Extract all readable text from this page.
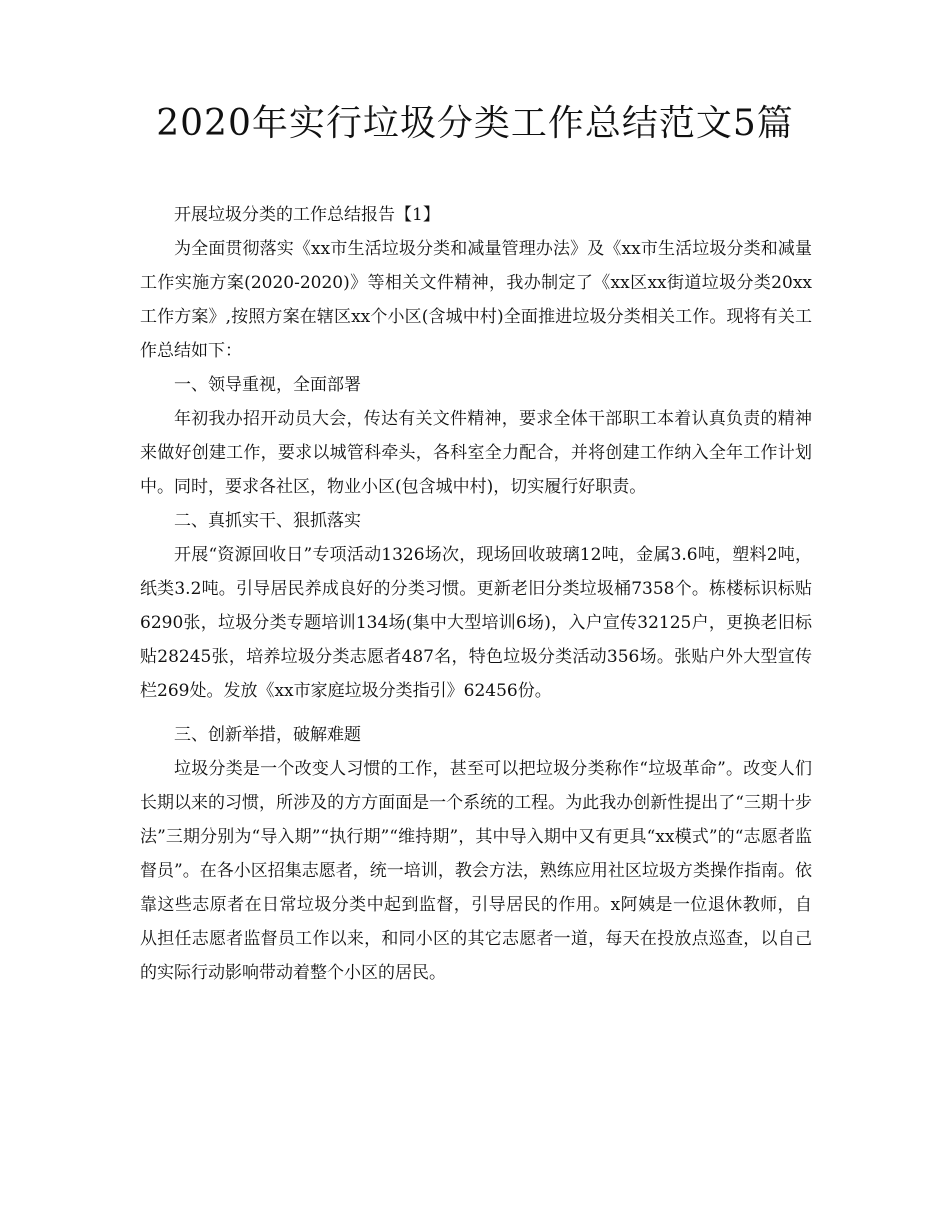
2020年实行垃圾分类工作总结范文5篇

开展垃圾分类的工作总结报告【1】

为全面贯彻落实《xx市生活垃圾分类和减量管理办法》及《xx市生活垃圾分类和减量工作实施方案(2020-2020)》等相关文件精神，我办制定了《xx区xx街道垃圾分类20xx工作方案》,按照方案在辖区xx个小区(含城中村)全面推进垃圾分类相关工作。现将有关工作总结如下：

一、领导重视，全面部署

年初我办招开动员大会，传达有关文件精神，要求全体干部职工本着认真负责的精神来做好创建工作，要求以城管科牵头，各科室全力配合，并将创建工作纳入全年工作计划中。同时，要求各社区，物业小区(包含城中村)，切实履行好职责。

二、真抓实干、狠抓落实

开展“资源回收日”专项活动1326场次，现场回收玻璃12吨，金属3.6吨，塑料2吨，纸类3.2吨。引导居民养成良好的分类习惯。更新老旧分类垃圾桶7358个。栋楼标识标贴6290张，垃圾分类专题培训134场(集中大型培训6场)，入户宣传32125户，更换老旧标贴28245张，培养垃圾分类志愿者487名，特色垃圾分类活动356场。张贴户外大型宣传栏269处。发放《xx市家庭垃圾分类指引》62456份。

三、创新举措，破解难题

垃圾分类是一个改变人习惯的工作，甚至可以把垃圾分类称作“垃圾革命”。改变人们长期以来的习惯，所涉及的方方面面是一个系统的工程。为此我办创新性提出了“三期十步法”三期分别为“导入期”“执行期”“维持期”，其中导入期中又有更具“xx模式”的“志愿者监督员”。在各小区招集志愿者，统一培训，教会方法，熟练应用社区垃圾方类操作指南。依靠这些志原者在日常垃圾分类中起到监督，引导居民的作用。x阿姨是一位退休教师，自从担任志愿者监督员工作以来，和同小区的其它志愿者一道，每天在投放点巡查，以自己的实际行动影响带动着整个小区的居民。
